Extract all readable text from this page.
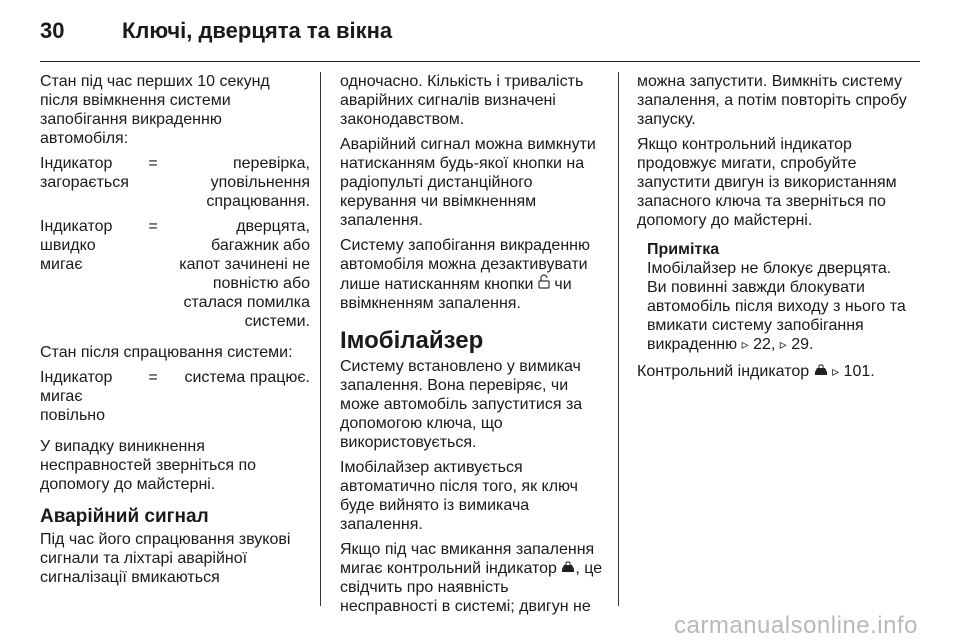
30	Ключі, дверцята та вікна

Стан під час перших 10 секунд після ввімкнення системи запобігання викраденню автомобіля:

Індикатор загорається	=	перевірка, уповільнення спрацювання.
Індикатор швидко мигає	=	дверцята, багажник або капот зачинені не повністю або сталася помилка системи.

Стан після спрацювання системи:

Індикатор мигає повільно	=	система працює.

У випадку виникнення несправностей зверніться по допомогу до майстерні.

Аварійний сигнал

Під час його спрацювання звукові сигнали та ліхтарі аварійної сигналізації вмикаються

одночасно. Кількість і тривалість аварійних сигналів визначені законодавством.

Аварійний сигнал можна вимкнути натисканням будь-якої кнопки на радіопульті дистанційного керування чи ввімкненням запалення.

Систему запобігання викраденню автомобіля можна дезактивувати лише натисканням кнопки  чи ввімкненням запалення.

Імобілайзер

Систему встановлено у вимикач запалення. Вона перевіряє, чи може автомобіль запуститися за допомогою ключа, що використовується.

Імобілайзер активується автоматично після того, як ключ буде вийнято із вимикача запалення.

Якщо під час вмикання запалення мигає контрольний індикатор , це свідчить про наявність несправності в системі; двигун не

можна запустити. Вимкніть систему запалення, а потім повторіть спробу запуску.

Якщо контрольний індикатор продовжує мигати, спробуйте запустити двигун із використанням запасного ключа та зверніться по допомогу до майстерні.

Примітка
Імобілайзер не блокує дверцята. Ви повинні завжди блокувати автомобіль після виходу з нього та вмикати систему запобігання викраденню ▹ 22, ▹ 29.

Контрольний індикатор  ▹ 101.

carmanualsonline.info
